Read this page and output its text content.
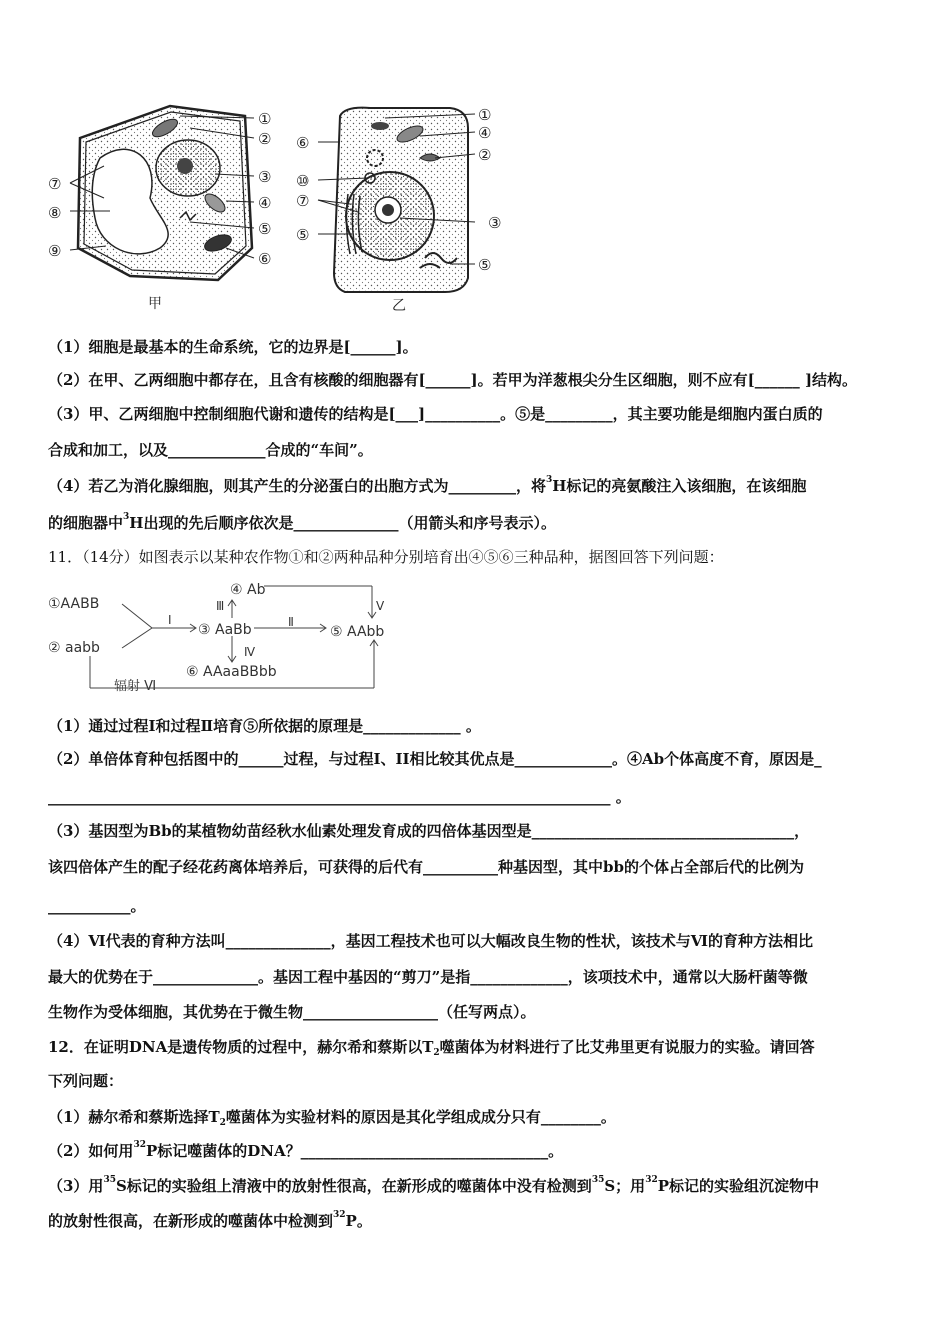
①
②
③
④
⑤
⑥
⑦
⑧
⑨
甲
①
④
②
③
⑤
⑥
⑩
⑦
⑤
乙
（1）细胞是最基本的生命系统，它的边界是[______]。
（2）在甲、乙两细胞中都存在，且含有核酸的细胞器有[______]。若甲为洋葱根尖分生区细胞，则不应有[______ ]结构。
（3）甲、乙两细胞中控制细胞代谢和遗传的结构是[___]__________。⑤是_________，其主要功能是细胞内蛋白质的
合成和加工，以及_____________合成的“车间”。
（4）若乙为消化腺细胞，则其产生的分泌蛋白的出胞方式为_________，将$^3$H标记的亮氨酸注入该细胞，在该细胞
的细胞器中$^3$H出现的先后顺序依次是______________（用箭头和序号表示）。
11．（14分）如图表示以某种农作物①和②两种品种分别培育出④⑤⑥三种品种，据图回答下列问题：
①AABB
② aabb
③ AaBb
④ Ab
⑤ AAbb
⑥ AAaaBBbb
Ⅰ	Ⅱ
Ⅲ
Ⅳ
Ⅴ
辐射 Ⅵ
（1）通过过程Ⅰ和过程Ⅱ培育⑤所依据的原理是_____________ 。
（2）单倍体育种包括图中的______过程，与过程I、II相比较其优点是_____________。④Ab个体高度不育，原因是_
___________________________________________________________________________ 。
（3）基因型为Bb的某植物幼苗经秋水仙素处理发育成的四倍体基因型是___________________________________，
该四倍体产生的配子经花药离体培养后，可获得的后代有__________种基因型，其中bb的个体占全部后代的比例为
___________。
（4）Ⅵ代表的育种方法叫______________，基因工程技术也可以大幅改良生物的性状，该技术与Ⅵ的育种方法相比
最大的优势在于______________。基因工程中基因的“剪刀”是指_____________，该项技术中，通常以大肠杆菌等微
生物作为受体细胞，其优势在于微生物__________________（任写两点）。
12．在证明DNA是遗传物质的过程中，赫尔希和蔡斯以T2噬菌体为材料进行了比艾弗里更有说服力的实验。请回答
下列问题：
（1）赫尔希和蔡斯选择T2噬菌体为实验材料的原因是其化学组成成分只有________。
（2）如何用$^{32}$P标记噬菌体的DNA？_________________________________。
（3）用$^{35}$S标记的实验组上清液中的放射性很高，在新形成的噬菌体中没有检测到$^{35}$S；用$^{32}$P标记的实验组沉淀物中
的放射性很高，在新形成的噬菌体中检测到$^{32}$P。
